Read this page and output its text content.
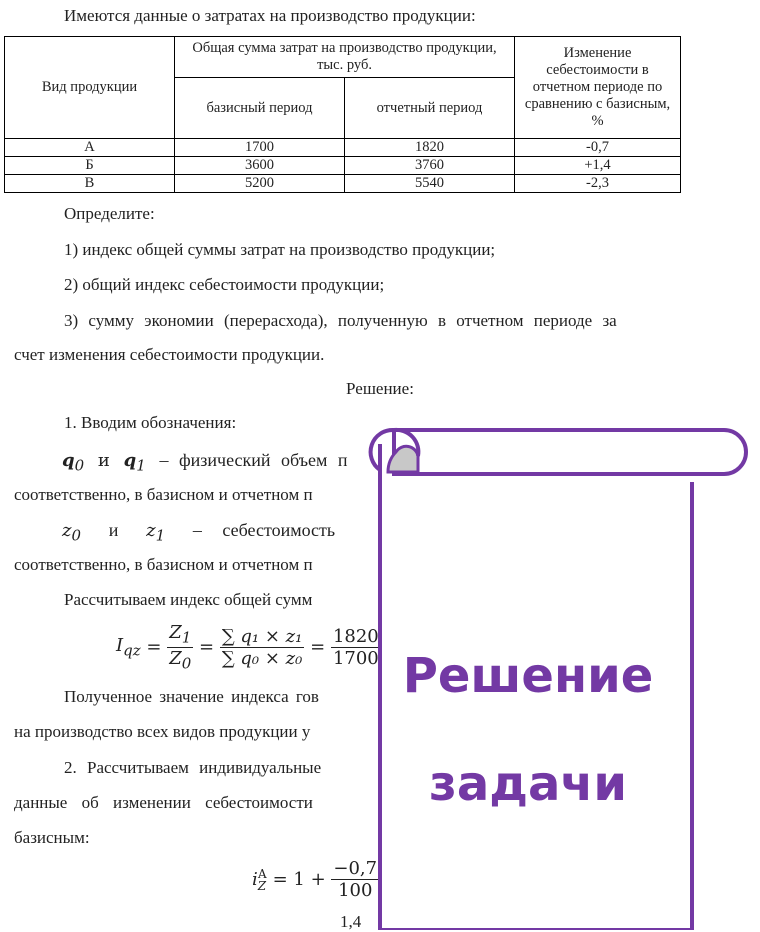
Имеются данные о затратах на производство продукции:
Вид продукции	Общая сумма затрат на производство продукции, тыс. руб.		Изменение себестоимости в отчетном периоде по сравнению с базисным, %
	базисный период	отчетный период	
А	1700	1820	-0,7
Б	3600	3760	+1,4
В	5200	5540	-2,3
Определите:
1) индекс общей суммы затрат на производство продукции;
2) общий индекс себестоимости продукции;
3) сумму экономии (перерасхода), полученную в отчетном периоде за
счет изменения себестоимости продукции.
Решение:
1. Вводим обозначения:
$q_0$ и $q_1$ – физический объем п
соответственно, в базисном и отчетном п
$z_0$ и $z_1$ – себестоимость
соответственно, в базисном и отчетном п
Рассчитываем индекс общей сумм
$I_{qz} = \frac{Z_1}{Z_0} = \frac{\text{∑ q₁ × z₁}}{\text{∑ q₀ × z₀}} = \frac{1820}{1700}$
Полученное значение индекса гов
на производство всех видов продукции у
2. Рассчитываем индивидуальные
данные об изменении себестоимости
базисным:
i А
$Z = 1 + \frac{-0,7}{100}$
1,4
Решение
задачи
